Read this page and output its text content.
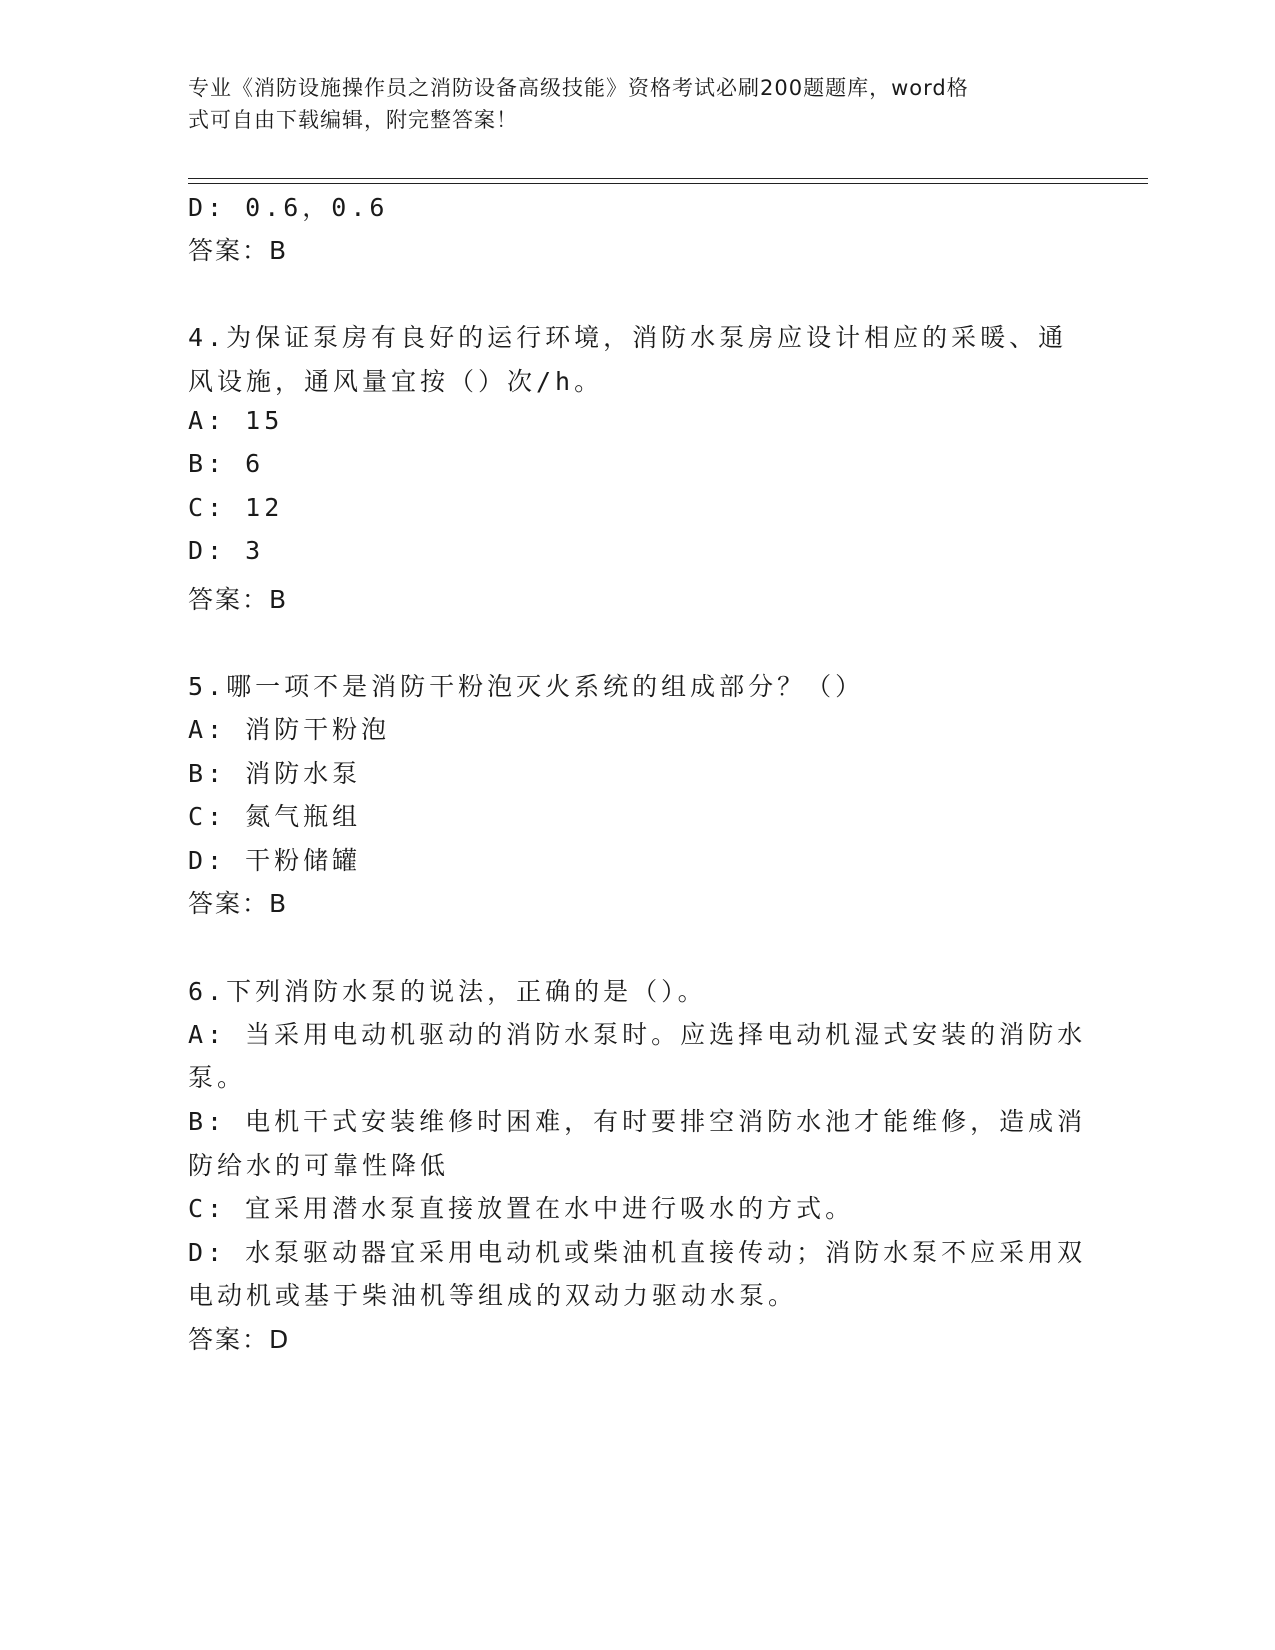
专业《消防设施操作员之消防设备高级技能》资格考试必刷200题题库，word格
式可自由下载编辑，附完整答案！
D: 0.6，0.6
答案：B
4.为保证泵房有良好的运行环境，消防水泵房应设计相应的采暖、通
风设施，通风量宜按（）次/h。
A: 15
B: 6
C: 12
D: 3
答案：B
5.哪一项不是消防干粉泡灭火系统的组成部分？（）
A: 消防干粉泡
B: 消防水泵
C: 氮气瓶组
D: 干粉储罐
答案：B
6.下列消防水泵的说法，正确的是（）。
A: 当采用电动机驱动的消防水泵时。应选择电动机湿式安装的消防水
泵。
B: 电机干式安装维修时困难，有时要排空消防水池才能维修，造成消
防给水的可靠性降低
C: 宜采用潜水泵直接放置在水中进行吸水的方式。
D: 水泵驱动器宜采用电动机或柴油机直接传动；消防水泵不应采用双
电动机或基于柴油机等组成的双动力驱动水泵。
答案：D
